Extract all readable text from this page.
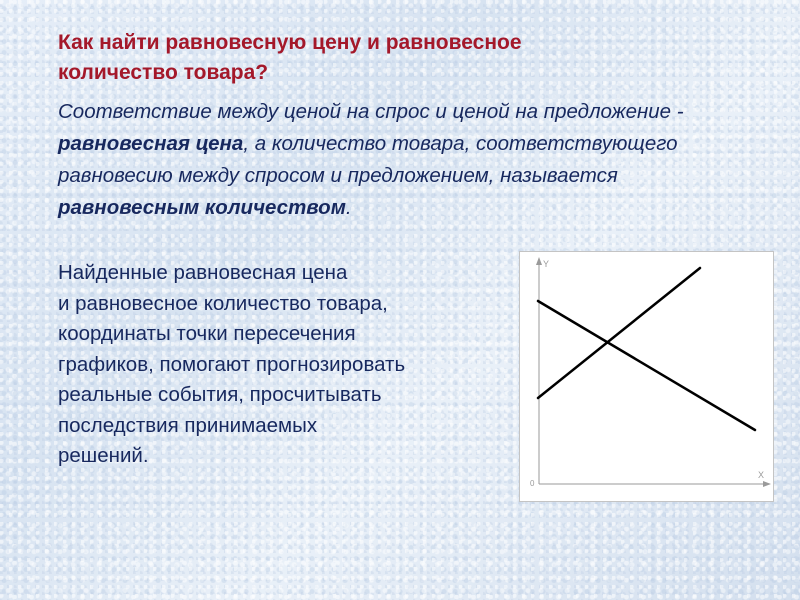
Как найти равновесную цену и равновесное
количество товара?
Соответствие между ценой на спрос и ценой на предложение - равновесная цена, а количество товара, соответствующего равновесию между спросом и предложением, называется равновесным количеством.

Найденные равновесная цена
и равновесное количество товара,
координаты точки пересечения
графиков, помогают прогнозировать
реальные события, просчитывать
последствия принимаемых
решений.

Y
X
0
